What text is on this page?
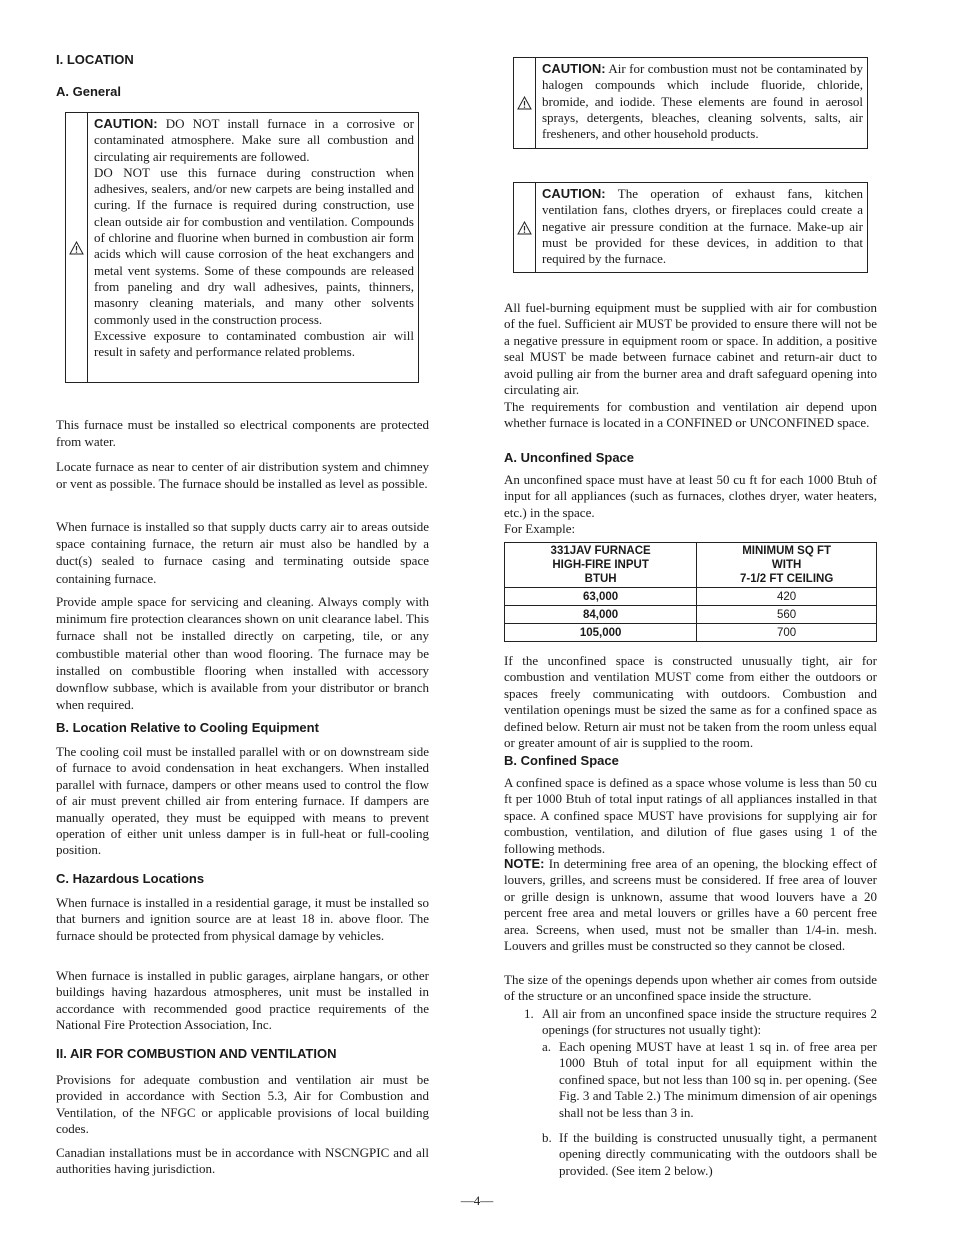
I. LOCATION
A. General

CAUTION: DO NOT install furnace in a corrosive or contaminated atmosphere. Make sure all combustion and circulating air requirements are followed.

DO NOT use this furnace during construction when adhesives, sealers, and/or new carpets are being installed and curing. If the furnace is required during construction, use clean outside air for combustion and ventilation. Compounds of chlorine and fluorine when burned in combustion air form acids which will cause corrosion of the heat exchangers and metal vent systems. Some of these compounds are released from paneling and dry wall adhesives, paints, thinners, masonry cleaning materials, and many other solvents commonly used in the construction process.

Excessive exposure to contaminated combustion air will result in safety and performance related problems.

This furnace must be installed so electrical components are protected from water.

Locate furnace as near to center of air distribution system and chimney or vent as possible. The furnace should be installed as level as possible.

When furnace is installed so that supply ducts carry air to areas outside space containing furnace, the return air must also be handled by a duct(s) sealed to furnace casing and terminating outside space containing furnace.

Provide ample space for servicing and cleaning. Always comply with minimum fire protection clearances shown on unit clearance label. This furnace shall not be installed directly on carpeting, tile, or any combustible material other than wood flooring. The furnace may be installed on combustible flooring when installed with accessory downflow subbase, which is available from your distributor or branch when required.

B. Location Relative to Cooling Equipment

The cooling coil must be installed parallel with or on downstream side of furnace to avoid condensation in heat exchangers. When installed parallel with furnace, dampers or other means used to control the flow of air must prevent chilled air from entering furnace. If dampers are manually operated, they must be equipped with means to prevent operation of either unit unless damper is in full-heat or full-cooling position.

C. Hazardous Locations

When furnace is installed in a residential garage, it must be installed so that burners and ignition source are at least 18 in. above floor. The furnace should be protected from physical damage by vehicles.

When furnace is installed in public garages, airplane hangars, or other buildings having hazardous atmospheres, unit must be installed in accordance with recommended good practice requirements of the National Fire Protection Association, Inc.

II. AIR FOR COMBUSTION AND VENTILATION

Provisions for adequate combustion and ventilation air must be provided in accordance with Section 5.3, Air for Combustion and Ventilation, of the NFGC or applicable provisions of local building codes.

Canadian installations must be in accordance with NSCNGPIC and all authorities having jurisdiction.

CAUTION: Air for combustion must not be contaminated by halogen compounds which include fluoride, chloride, bromide, and iodide. These elements are found in aerosol sprays, detergents, bleaches, cleaning solvents, salts, air fresheners, and other household products.

CAUTION: The operation of exhaust fans, kitchen ventilation fans, clothes dryers, or fireplaces could create a negative air pressure condition at the furnace. Make-up air must be provided for these devices, in addition to that required by the furnace.

All fuel-burning equipment must be supplied with air for combustion of the fuel. Sufficient air MUST be provided to ensure there will not be a negative pressure in equipment room or space. In addition, a positive seal MUST be made between furnace cabinet and return-air duct to avoid pulling air from the burner area and draft safeguard opening into circulating air.

The requirements for combustion and ventilation air depend upon whether furnace is located in a CONFINED or UNCONFINED space.

A. Unconfined Space

An unconfined space must have at least 50 cu ft for each 1000 Btuh of input for all appliances (such as furnaces, clothes dryer, water heaters, etc.) in the space.

For Example:

331JAV FURNACE
HIGH-FIRE INPUT
BTUH	MINIMUM SQ FT
WITH
7-1/2 FT CEILING
63,000	420
84,000	560
105,000	700

If the unconfined space is constructed unusually tight, air for combustion and ventilation MUST come from either the outdoors or spaces freely communicating with outdoors. Combustion and ventilation openings must be sized the same as for a confined space as defined below. Return air must not be taken from the room unless equal or greater amount of air is supplied to the room.

B. Confined Space

A confined space is defined as a space whose volume is less than 50 cu ft per 1000 Btuh of total input ratings of all appliances installed in that space. A confined space MUST have provisions for supplying air for combustion, ventilation, and dilution of flue gases using 1 of the following methods.

NOTE: In determining free area of an opening, the blocking effect of louvers, grilles, and screens must be considered. If free area of louver or grille design is unknown, assume that wood louvers have a 20 percent free area and metal louvers or grilles have a 60 percent free area. Screens, when used, must not be smaller than 1/4-in. mesh. Louvers and grilles must be constructed so they cannot be closed.

The size of the openings depends upon whether air comes from outside of the structure or an unconfined space inside the structure.

1. All air from an unconfined space inside the structure requires 2 openings (for structures not usually tight):

a. Each opening MUST have at least 1 sq in. of free area per 1000 Btuh of total input for all equipment within the confined space, but not less than 100 sq in. per opening. (See Fig. 3 and Table 2.) The minimum dimension of air openings shall not be less than 3 in.

b. If the building is constructed unusually tight, a permanent opening directly communicating with the outdoors shall be provided. (See item 2 below.)

—4—
